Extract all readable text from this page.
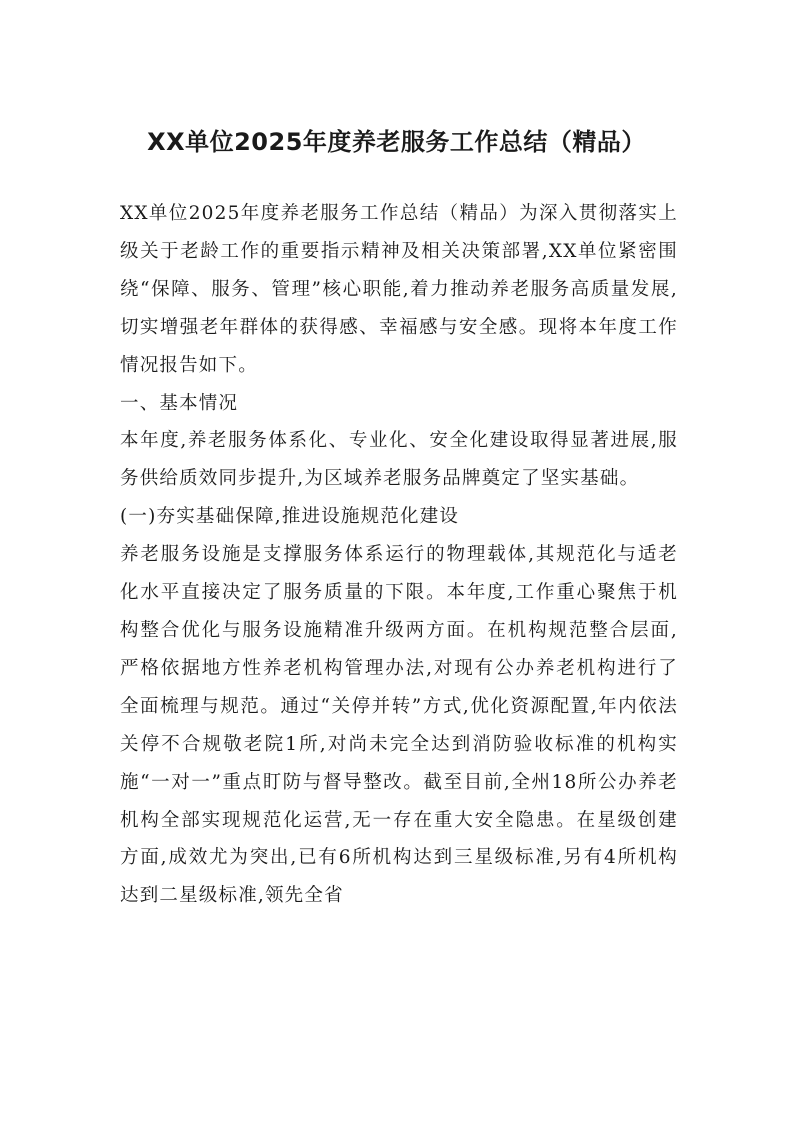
XX单位2025年度养老服务工作总结（精品）

XX单位2025年度养老服务工作总结（精品）为深入贯彻落实上级关于老龄工作的重要指示精神及相关决策部署,XX单位紧密围绕“保障、服务、管理”核心职能,着力推动养老服务高质量发展,切实增强老年群体的获得感、幸福感与安全感。现将本年度工作情况报告如下。

一、基本情况

本年度,养老服务体系化、专业化、安全化建设取得显著进展,服务供给质效同步提升,为区域养老服务品牌奠定了坚实基础。

(一)夯实基础保障,推进设施规范化建设

养老服务设施是支撑服务体系运行的物理载体,其规范化与适老化水平直接决定了服务质量的下限。本年度,工作重心聚焦于机构整合优化与服务设施精准升级两方面。在机构规范整合层面,严格依据地方性养老机构管理办法,对现有公办养老机构进行了全面梳理与规范。通过“关停并转”方式,优化资源配置,年内依法关停不合规敬老院1所,对尚未完全达到消防验收标准的机构实施“一对一”重点盯防与督导整改。截至目前,全州18所公办养老机构全部实现规范化运营,无一存在重大安全隐患。在星级创建方面,成效尤为突出,已有6所机构达到三星级标准,另有4所机构达到二星级标准,领先全省
